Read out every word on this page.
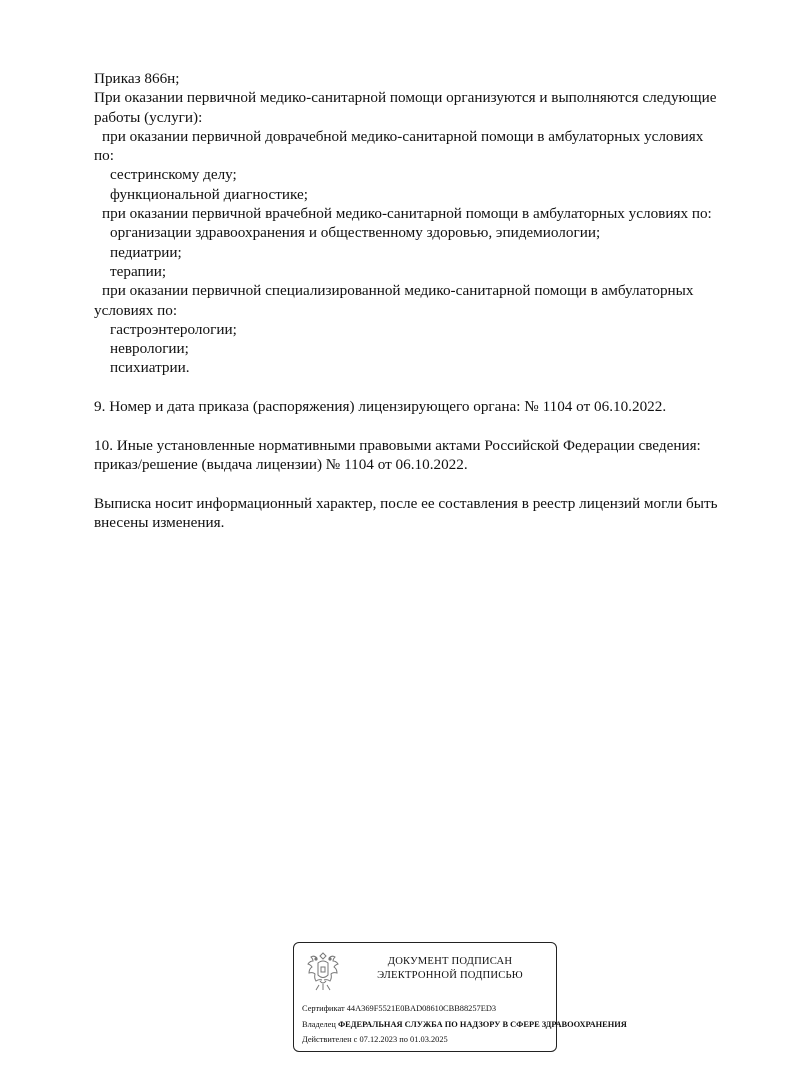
Приказ 866н;
При оказании первичной медико-санитарной помощи организуются и выполняются следующие
работы (услуги):
при оказании первичной доврачебной медико-санитарной помощи в амбулаторных условиях
по:
сестринскому делу;
функциональной диагностике;
при оказании первичной врачебной медико-санитарной помощи в амбулаторных условиях по:
организации здравоохранения и общественному здоровью, эпидемиологии;
педиатрии;
терапии;
при оказании первичной специализированной медико-санитарной помощи в амбулаторных
условиях по:
гастроэнтерологии;
неврологии;
психиатрии.
9. Номер и дата приказа (распоряжения) лицензирующего органа: № 1104 от 06.10.2022.
10. Иные установленные нормативными правовыми актами Российской Федерации сведения:
приказ/решение (выдача лицензии) № 1104 от 06.10.2022.
Выписка носит информационный характер, после ее составления в реестр лицензий могли быть
внесены изменения.
ДОКУМЕНТ ПОДПИСАН
ЭЛЕКТРОННОЙ ПОДПИСЬЮ
Сертификат 44A369F5521E0BAD08610CBB88257ED3
Владелец ФЕДЕРАЛЬНАЯ СЛУЖБА ПО НАДЗОРУ В СФЕРЕ ЗДРАВООХРАНЕНИЯ
Действителен с 07.12.2023 по 01.03.2025
